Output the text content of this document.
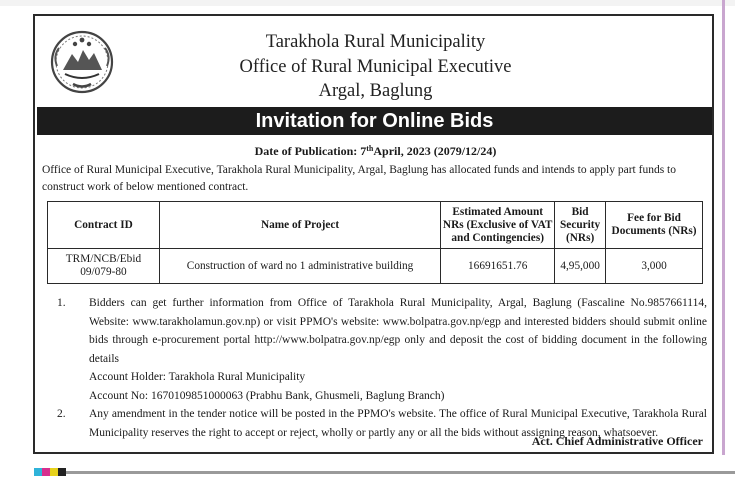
Tarakhola Rural Municipality
Office of Rural Municipal Executive
Argal, Baglung
Invitation for Online Bids
Date of Publication: 7thApril, 2023 (2079/12/24)
Office of Rural Municipal Executive, Tarakhola Rural Municipality, Argal, Baglung has allocated funds and intends to apply part funds to construct work of below mentioned contract.
Contract ID	Name of Project	Estimated Amount NRs (Exclusive of VAT and Contingencies)	Bid Security (NRs)	Fee for Bid Documents (NRs)
TRM/NCB/Ebid 09/079-80	Construction of ward no 1 administrative building	16691651.76	4,95,000	3,000
1. Bidders can get further information from Office of Tarakhola Rural Municipality, Argal, Baglung (Fascaline No.9857661114, Website: www.tarakholamun.gov.np) or visit PPMO's website: www.bolpatra.gov.np/egp and interested bidders should submit online bids through e-procurement portal http://www.bolpatra.gov.np/egp only and deposit the cost of bidding document in the following details
Account Holder: Tarakhola Rural Municipality
Account No: 1670109851000063 (Prabhu Bank, Ghusmeli, Baglung Branch)
2. Any amendment in the tender notice will be posted in the PPMO's website. The office of Rural Municipal Executive, Tarakhola Rural Municipality reserves the right to accept or reject, wholly or partly any or all the bids without assigning reason, whatsoever.
Act. Chief Administrative Officer
